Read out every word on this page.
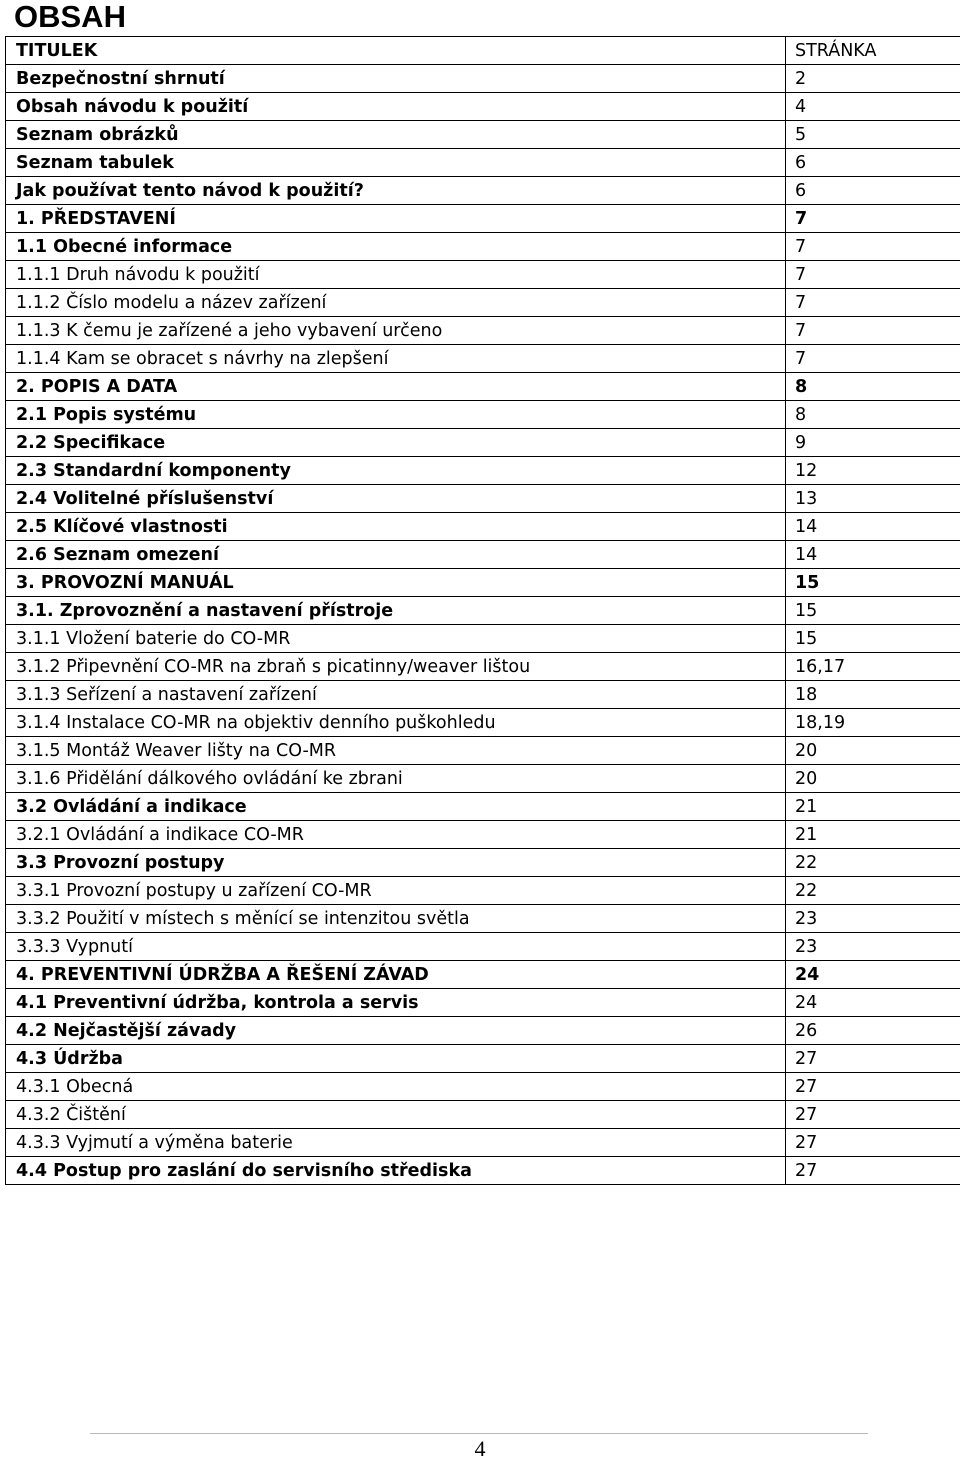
OBSAH
TITULEK	STRÁNKA
Bezpečnostní shrnutí	2
Obsah návodu k použití	4
Seznam obrázků	5
Seznam tabulek	6
Jak používat tento návod k použití?	6
1. PŘEDSTAVENÍ	7
1.1 Obecné informace	7
1.1.1 Druh návodu k použití	7
1.1.2 Číslo modelu a název zařízení	7
1.1.3 K čemu je zařízené a jeho vybavení určeno	7
1.1.4 Kam se obracet s návrhy na zlepšení	7
2. POPIS A DATA	8
2.1 Popis systému	8
2.2 Specifikace	9
2.3 Standardní komponenty	12
2.4 Volitelné příslušenství	13
2.5 Klíčové vlastnosti	14
2.6 Seznam omezení	14
3. PROVOZNÍ MANUÁL	15
3.1. Zprovoznění a nastavení přístroje	15
3.1.1 Vložení baterie do CO-MR	15
3.1.2 Připevnění CO-MR na zbraň s picatinny/weaver lištou	16,17
3.1.3 Seřízení a nastavení zařízení	18
3.1.4 Instalace CO-MR na objektiv denního puškohledu	18,19
3.1.5 Montáž Weaver lišty na CO-MR	20
3.1.6 Přidělání dálkového ovládání ke zbrani	20
3.2 Ovládání a indikace	21
3.2.1 Ovládání a indikace CO-MR	21
3.3 Provozní postupy	22
3.3.1 Provozní postupy u zařízení CO-MR	22
3.3.2 Použití v místech s měnící se intenzitou světla	23
3.3.3 Vypnutí	23
4. PREVENTIVNÍ ÚDRŽBA A ŘEŠENÍ ZÁVAD	24
4.1 Preventivní údržba, kontrola a servis	24
4.2 Nejčastější závady	26
4.3 Údržba	27
4.3.1 Obecná	27
4.3.2 Čištění	27
4.3.3 Vyjmutí a výměna baterie	27
4.4 Postup pro zaslání do servisního střediska	27
4
